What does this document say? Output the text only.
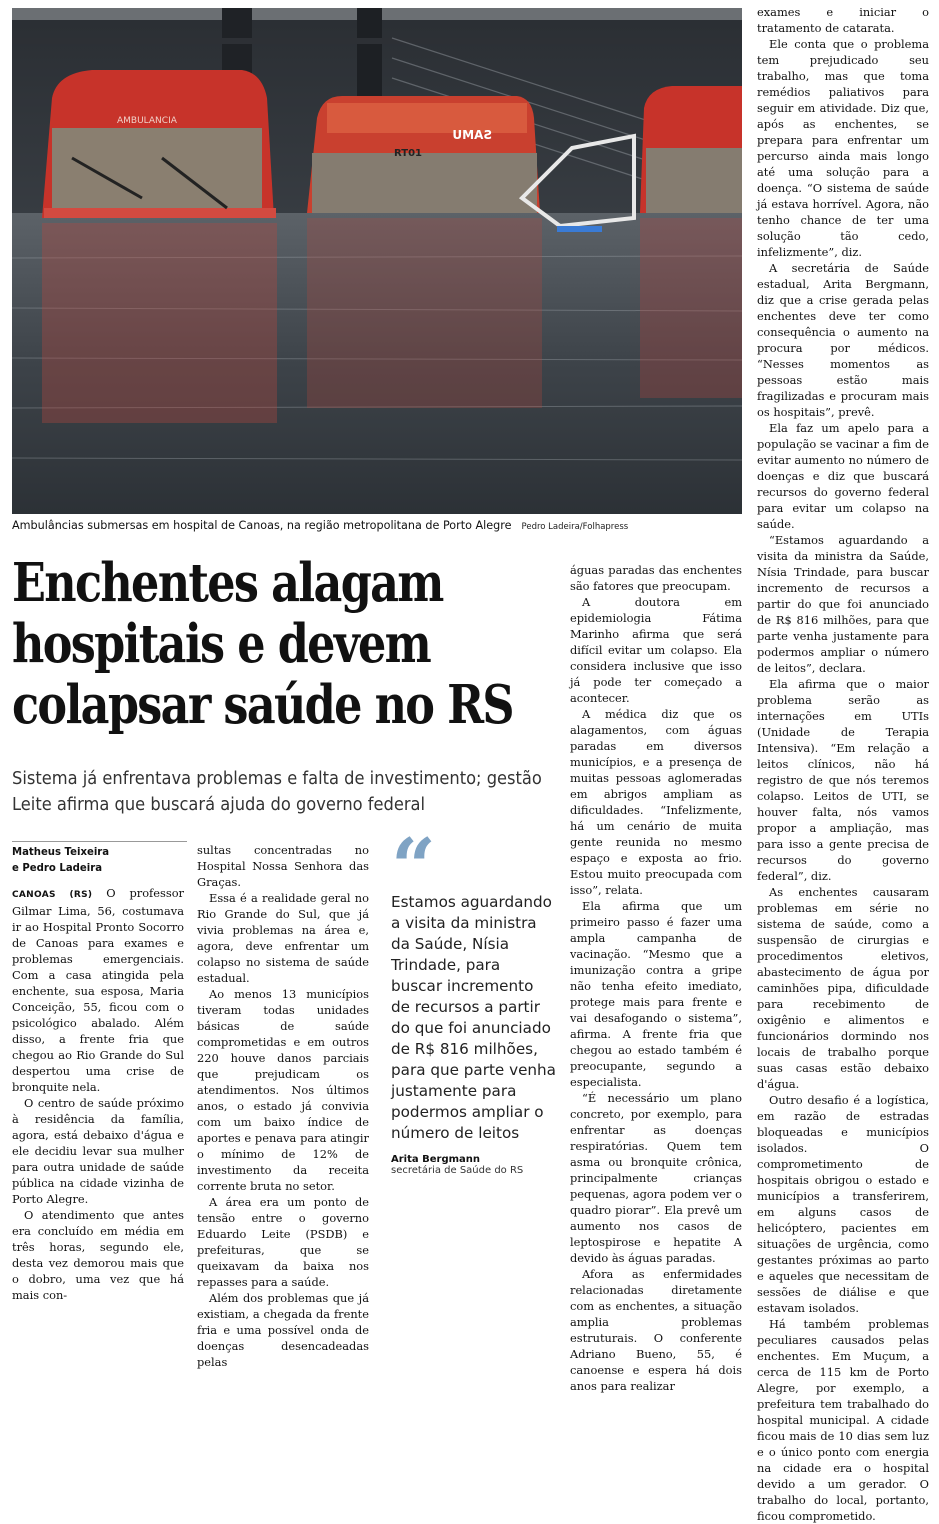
AMBULANCIA
SAMU
RT01
Ambulâncias submersas em hospital de Canoas, na região metropolitana de Porto Alegre Pedro Ladeira/Folhapress
Enchentes alagam hospitais e devem colapsar saúde no RS
Sistema já enfrentava problemas e falta de investimento; gestão Leite afirma que buscará ajuda do governo federal
Matheus Teixeira
e Pedro Ladeira

CANOAS (RS) O professor Gilmar Lima, 56, costumava ir ao Hospital Pronto Socorro de Canoas para exames e problemas emergenciais. Com a casa atingida pela enchente, sua esposa, Maria Conceição, 55, ficou com o psicológico abalado. Além disso, a frente fria que chegou ao Rio Grande do Sul despertou uma crise de bronquite nela.

O centro de saúde próximo à residência da família, agora, está debaixo d'água e ele decidiu levar sua mulher para outra unidade de saúde pública na cidade vizinha de Porto Alegre.

O atendimento que antes era concluído em média em três horas, segundo ele, desta vez demorou mais que o dobro, uma vez que há mais con-

sultas concentradas no Hospital Nossa Senhora das Graças.

Essa é a realidade geral no Rio Grande do Sul, que já vivia problemas na área e, agora, deve enfrentar um colapso no sistema de saúde estadual.

Ao menos 13 municípios tiveram todas unidades básicas de saúde comprometidas e em outros 220 houve danos parciais que prejudicam os atendimentos. Nos últimos anos, o estado já convivia com um baixo índice de aportes e penava para atingir o mínimo de 12% de investimento da receita corrente bruta no setor.

A área era um ponto de tensão entre o governo Eduardo Leite (PSDB) e prefeituras, que se queixavam da baixa nos repasses para a saúde.

Além dos problemas que já existiam, a chegada da frente fria e uma possível onda de doenças desencadeadas pelas

“
Estamos aguardando a visita da ministra da Saúde, Nísia Trindade, para buscar incremento de recursos a partir do que foi anunciado de R$ 816 milhões, para que parte venha justamente para podermos ampliar o número de leitos
Arita Bergmann
secretária de Saúde do RS

águas paradas das enchentes são fatores que preocupam.

A doutora em epidemiologia Fátima Marinho afirma que será difícil evitar um colapso. Ela considera inclusive que isso já pode ter começado a acontecer.

A médica diz que os alagamentos, com águas paradas em diversos municípios, e a presença de muitas pessoas aglomeradas em abrigos ampliam as dificuldades. “Infelizmente, há um cenário de muita gente reunida no mesmo espaço e exposta ao frio. Estou muito preocupada com isso”, relata.

Ela afirma que um primeiro passo é fazer uma ampla campanha de vacinação. “Mesmo que a imunização contra a gripe não tenha efeito imediato, protege mais para frente e vai desafogando o sistema”, afirma. A frente fria que chegou ao estado também é preocupante, segundo a especialista.

“É necessário um plano concreto, por exemplo, para enfrentar as doenças respiratórias. Quem tem asma ou bronquite crônica, principalmente crianças pequenas, agora podem ver o quadro piorar”. Ela prevê um aumento nos casos de leptospirose e hepatite A devido às águas paradas.

Afora as enfermidades relacionadas diretamente com as enchentes, a situação amplia problemas estruturais. O conferente Adriano Bueno, 55, é canoense e espera há dois anos para realizar

exames e iniciar o tratamento de catarata.

Ele conta que o problema tem prejudicado seu trabalho, mas que toma remédios paliativos para seguir em atividade. Diz que, após as enchentes, se prepara para enfrentar um percurso ainda mais longo até uma solução para a doença. “O sistema de saúde já estava horrível. Agora, não tenho chance de ter uma solução tão cedo, infelizmente”, diz.

A secretária de Saúde estadual, Arita Bergmann, diz que a crise gerada pelas enchentes deve ter como consequência o aumento na procura por médicos. “Nesses momentos as pessoas estão mais fragilizadas e procuram mais os hospitais”, prevê.

Ela faz um apelo para a população se vacinar a fim de evitar aumento no número de doenças e diz que buscará recursos do governo federal para evitar um colapso na saúde.

“Estamos aguardando a visita da ministra da Saúde, Nísia Trindade, para buscar incremento de recursos a partir do que foi anunciado de R$ 816 milhões, para que parte venha justamente para podermos ampliar o número de leitos”, declara.

Ela afirma que o maior problema serão as internações em UTIs (Unidade de Terapia Intensiva). “Em relação a leitos clínicos, não há registro de que nós teremos colapso. Leitos de UTI, se houver falta, nós vamos propor a ampliação, mas para isso a gente precisa de recursos do governo federal”, diz.

As enchentes causaram problemas em série no sistema de saúde, como a suspensão de cirurgias e procedimentos eletivos, abastecimento de água por caminhões pipa, dificuldade para recebimento de oxigênio e alimentos e funcionários dormindo nos locais de trabalho porque suas casas estão debaixo d'água.

Outro desafio é a logística, em razão de estradas bloqueadas e municípios isolados. O comprometimento de hospitais obrigou o estado e municípios a transferirem, em alguns casos de helicóptero, pacientes em situações de urgência, como gestantes próximas ao parto e aqueles que necessitam de sessões de diálise e que estavam isolados.

Há também problemas peculiares causados pelas enchentes. Em Muçum, a cerca de 115 km de Porto Alegre, por exemplo, a prefeitura tem trabalhado do hospital municipal. A cidade ficou mais de 10 dias sem luz e o único ponto com energia na cidade era o hospital devido a um gerador. O trabalho do local, portanto, ficou comprometido.
